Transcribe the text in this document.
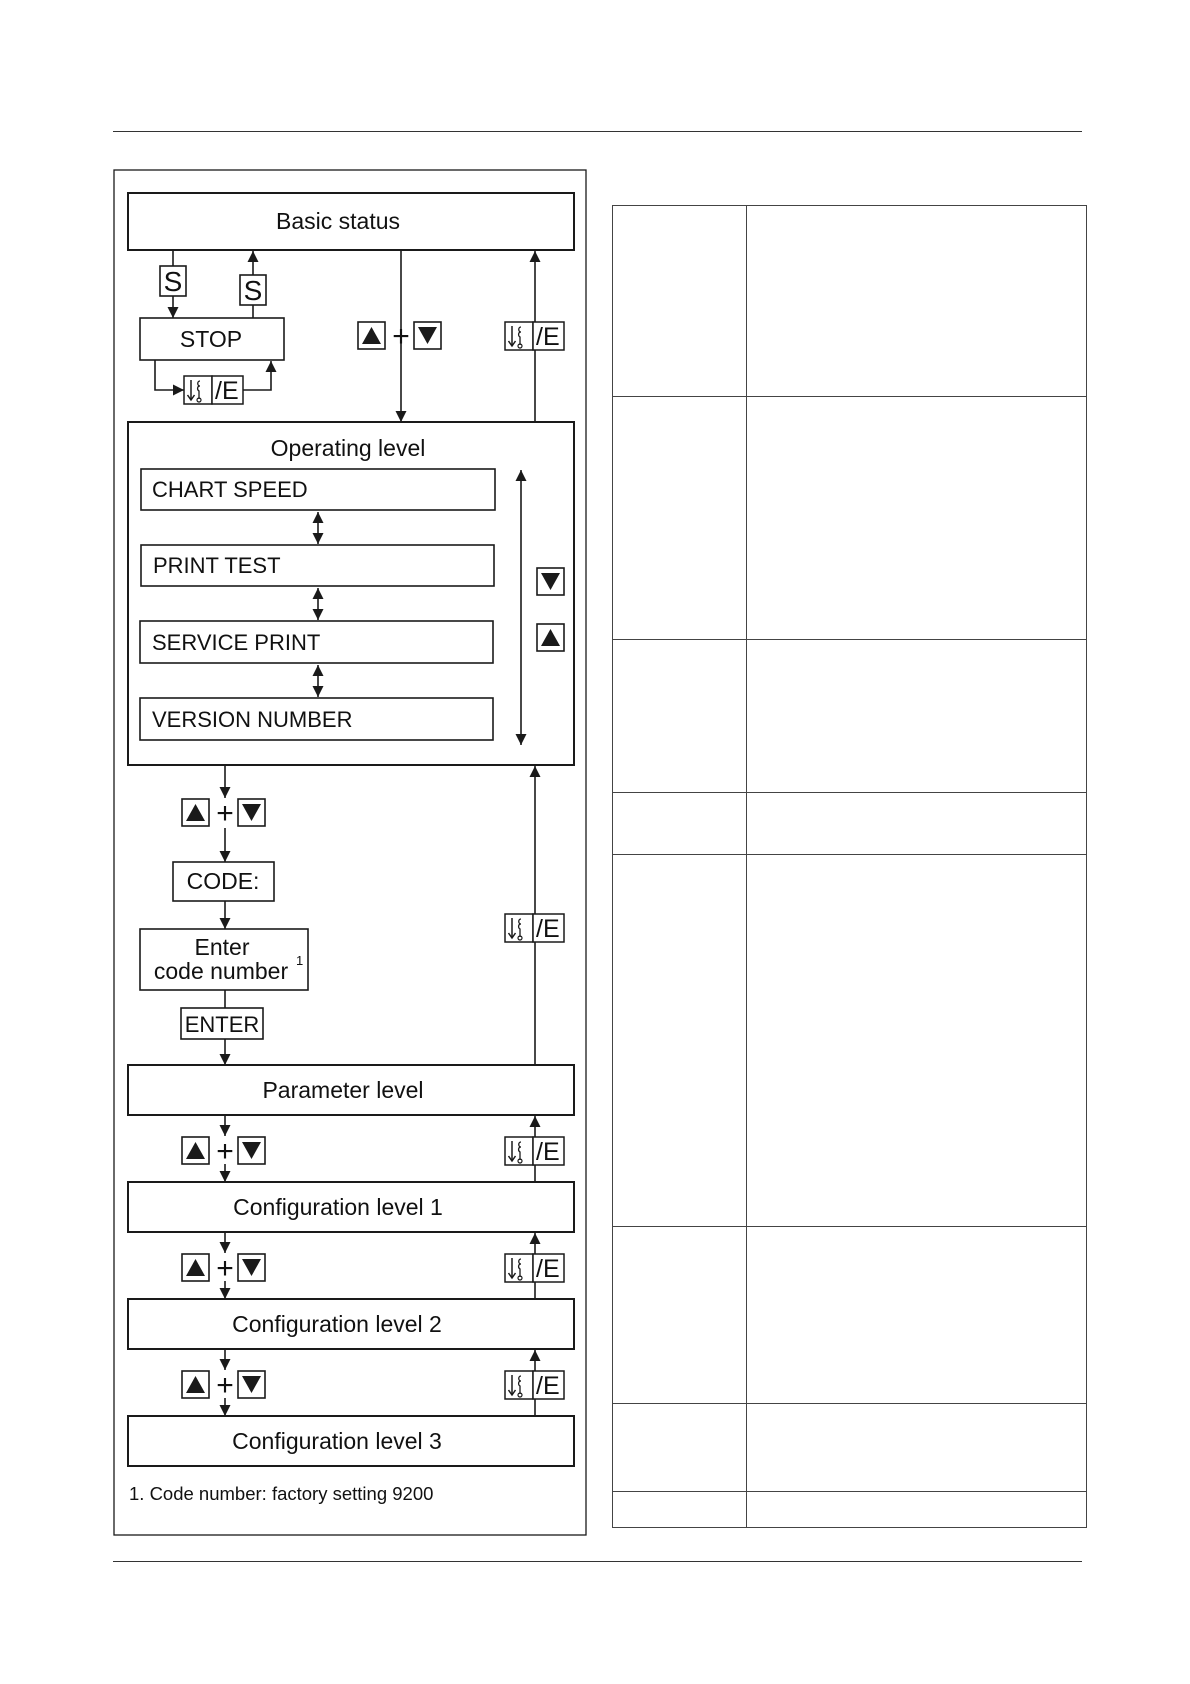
Basic status
STOP
Operating level
CHART SPEED
PRINT TEST
SERVICE PRINT
VERSION NUMBER
CODE:
Enter
code number 1
ENTER
Parameter level
Configuration level 1
Configuration level 2
Configuration level 3
1. Code number: factory setting 9200
S S
+
+
+
+
+
/E
/E
/E
/E
/E
/E
